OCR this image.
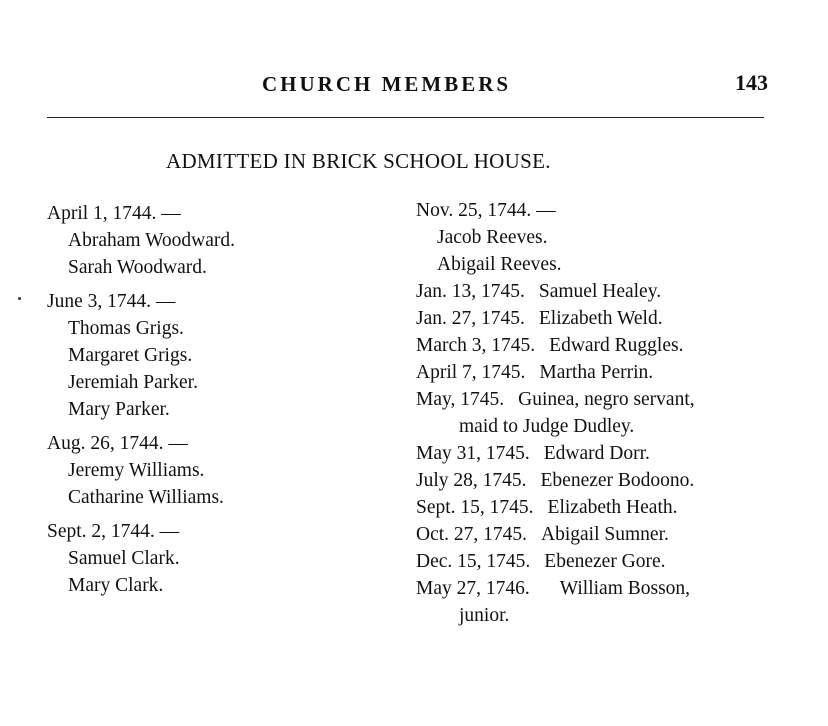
CHURCH MEMBERS	143
ADMITTED IN BRICK SCHOOL HOUSE.
April 1, 1744. —
Abraham Woodward.
Sarah Woodward.
June 3, 1744. —
Thomas Grigs.
Margaret Grigs.
Jeremiah Parker.
Mary Parker.
Aug. 26, 1744. —
Jeremy Williams.
Catharine Williams.
Sept. 2, 1744. —
Samuel Clark.
Mary Clark.
Nov. 25, 1744. —
Jacob Reeves.
Abigail Reeves.
Jan. 13, 1745. Samuel Healey.
Jan. 27, 1745. Elizabeth Weld.
March 3, 1745. Edward Ruggles.
April 7, 1745. Martha Perrin.
May, 1745. Guinea, negro servant,
maid to Judge Dudley.
May 31, 1745. Edward Dorr.
July 28, 1745. Ebenezer Bodoono.
Sept. 15, 1745. Elizabeth Heath.
Oct. 27, 1745. Abigail Sumner.
Dec. 15, 1745. Ebenezer Gore.
May 27, 1746. William Bosson,
junior.
